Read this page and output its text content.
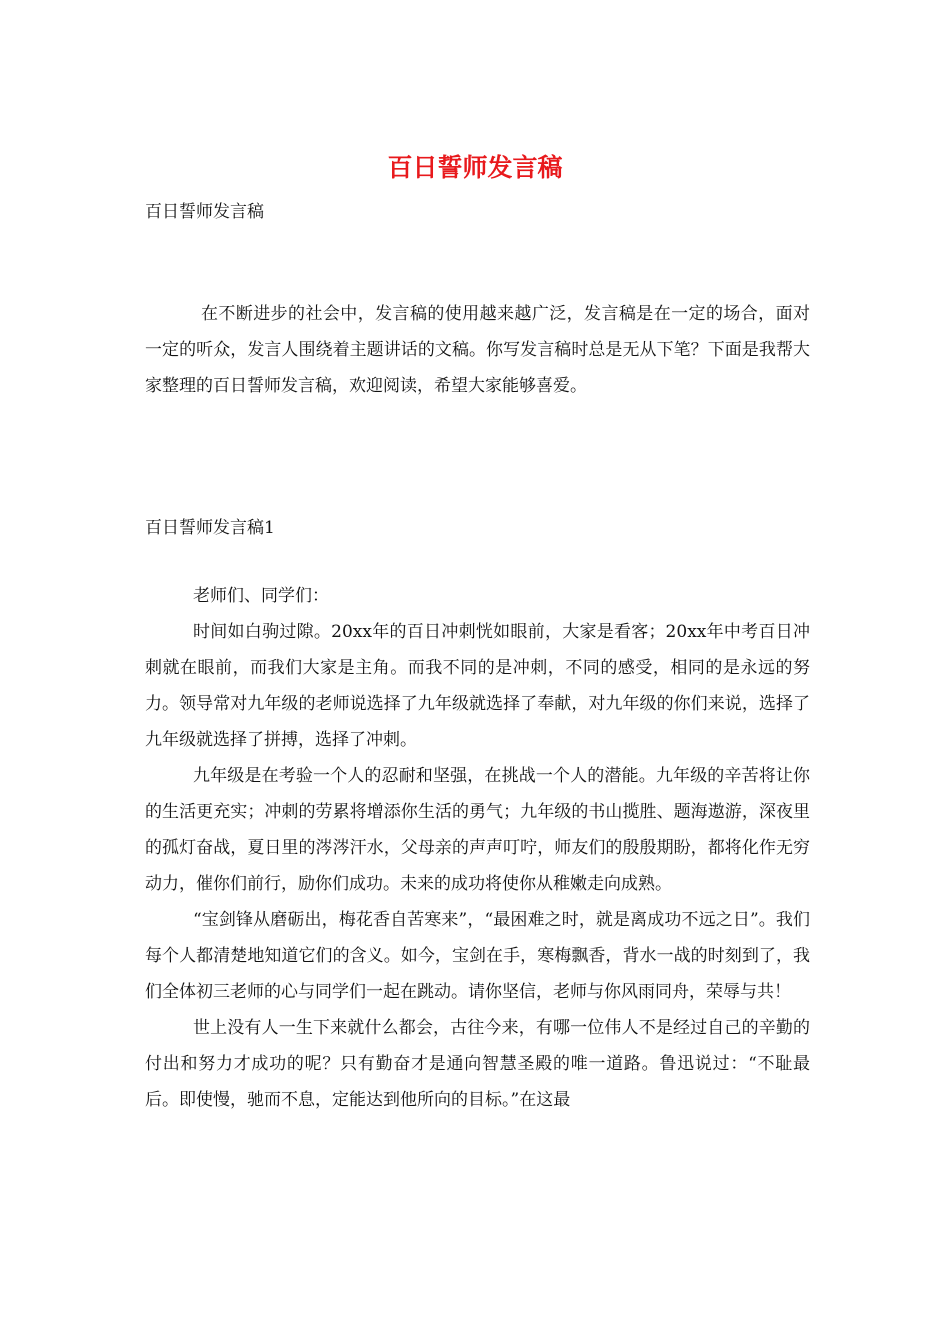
百日誓师发言稿
百日誓师发言稿

在不断进步的社会中，发言稿的使用越来越广泛，发言稿是在一定的场合，面对一定的听众，发言人围绕着主题讲话的文稿。你写发言稿时总是无从下笔？下面是我帮大家整理的百日誓师发言稿，欢迎阅读，希望大家能够喜爱。

百日誓师发言稿1

老师们、同学们：

时间如白驹过隙。20xx年的百日冲刺恍如眼前，大家是看客；20xx年中考百日冲刺就在眼前，而我们大家是主角。而我不同的是冲刺，不同的感受，相同的是永远的努力。领导常对九年级的老师说选择了九年级就选择了奉献，对九年级的你们来说，选择了九年级就选择了拼搏，选择了冲刺。

九年级是在考验一个人的忍耐和坚强，在挑战一个人的潜能。九年级的辛苦将让你的生活更充实；冲刺的劳累将增添你生活的勇气；九年级的书山揽胜、题海遨游，深夜里的孤灯奋战，夏日里的涔涔汗水，父母亲的声声叮咛，师友们的殷殷期盼，都将化作无穷动力，催你们前行，励你们成功。未来的成功将使你从稚嫩走向成熟。

“宝剑锋从磨砺出，梅花香自苦寒来”，“最困难之时，就是离成功不远之日”。我们每个人都清楚地知道它们的含义。如今，宝剑在手，寒梅飘香，背水一战的时刻到了，我们全体初三老师的心与同学们一起在跳动。请你坚信，老师与你风雨同舟，荣辱与共！

世上没有人一生下来就什么都会，古往今来，有哪一位伟人不是经过自己的辛勤的付出和努力才成功的呢？只有勤奋才是通向智慧圣殿的唯一道路。鲁迅说过：“不耻最后。即使慢，驰而不息，定能达到他所向的目标。”在这最
